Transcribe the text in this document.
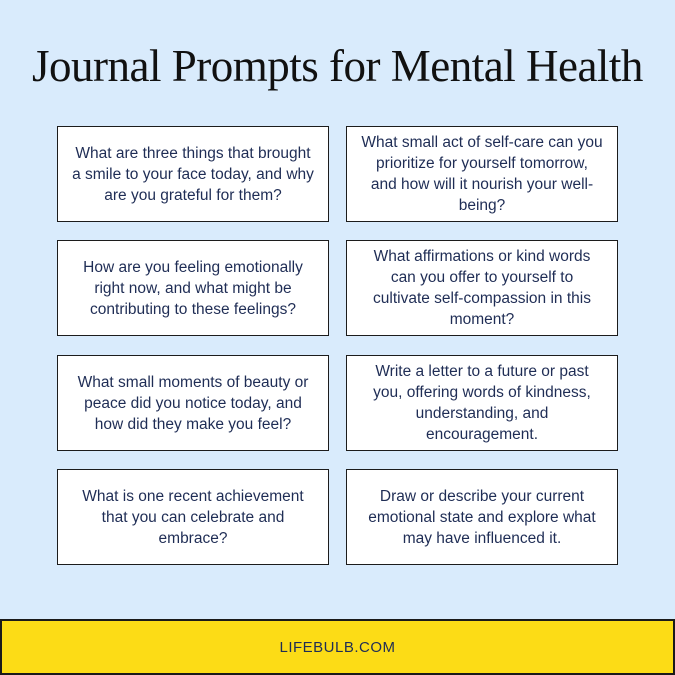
Journal Prompts for Mental Health
What are three things that brought a smile to your face today, and why are you grateful for them?
What small act of self-care can you prioritize for yourself tomorrow, and how will it nourish your well-being?
How are you feeling emotionally right now, and what might be contributing to these feelings?
What affirmations or kind words can you offer to yourself to cultivate self-compassion in this moment?
What small moments of beauty or peace did you notice today, and how did they make you feel?
Write a letter to a future or past you, offering words of kindness, understanding, and encouragement.
What is one recent achievement that you can celebrate and embrace?
Draw or describe your current emotional state and explore what may have influenced it.
LIFEBULB.COM
